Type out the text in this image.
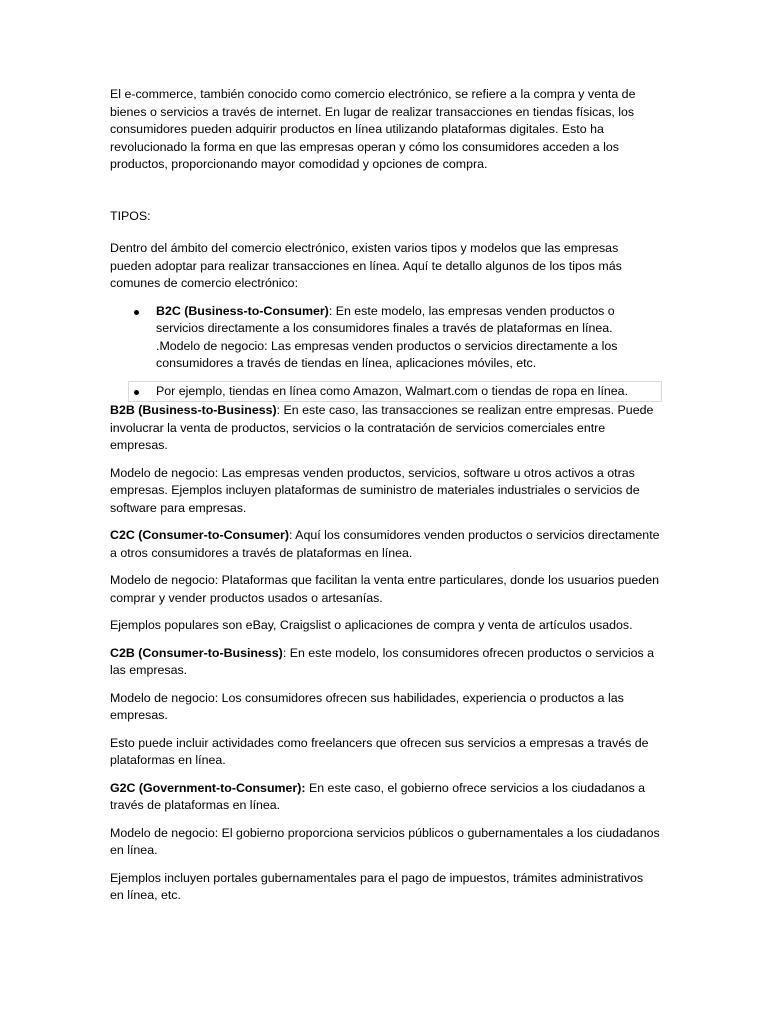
El e-commerce, también conocido como comercio electrónico, se refiere a la compra y venta de bienes o servicios a través de internet. En lugar de realizar transacciones en tiendas físicas, los consumidores pueden adquirir productos en línea utilizando plataformas digitales. Esto ha revolucionado la forma en que las empresas operan y cómo los consumidores acceden a los productos, proporcionando mayor comodidad y opciones de compra.

TIPOS:

Dentro del ámbito del comercio electrónico, existen varios tipos y modelos que las empresas pueden adoptar para realizar transacciones en línea. Aquí te detallo algunos de los tipos más comunes de comercio electrónico:

B2C (Business-to-Consumer): En este modelo, las empresas venden productos o servicios directamente a los consumidores finales a través de plataformas en línea. .Modelo de negocio: Las empresas venden productos o servicios directamente a los consumidores a través de tiendas en línea, aplicaciones móviles, etc.
Por ejemplo, tiendas en línea como Amazon, Walmart.com o tiendas de ropa en línea.

B2B (Business-to-Business): En este caso, las transacciones se realizan entre empresas. Puede involucrar la venta de productos, servicios o la contratación de servicios comerciales entre empresas.

Modelo de negocio: Las empresas venden productos, servicios, software u otros activos a otras empresas. Ejemplos incluyen plataformas de suministro de materiales industriales o servicios de software para empresas.

C2C (Consumer-to-Consumer): Aquí los consumidores venden productos o servicios directamente a otros consumidores a través de plataformas en línea.

Modelo de negocio: Plataformas que facilitan la venta entre particulares, donde los usuarios pueden comprar y vender productos usados o artesanías.

Ejemplos populares son eBay, Craigslist o aplicaciones de compra y venta de artículos usados.

C2B (Consumer-to-Business): En este modelo, los consumidores ofrecen productos o servicios a las empresas.

Modelo de negocio: Los consumidores ofrecen sus habilidades, experiencia o productos a las empresas.

Esto puede incluir actividades como freelancers que ofrecen sus servicios a empresas a través de plataformas en línea.

G2C (Government-to-Consumer): En este caso, el gobierno ofrece servicios a los ciudadanos a través de plataformas en línea.

Modelo de negocio: El gobierno proporciona servicios públicos o gubernamentales a los ciudadanos en línea.

Ejemplos incluyen portales gubernamentales para el pago de impuestos, trámites administrativos en línea, etc.
